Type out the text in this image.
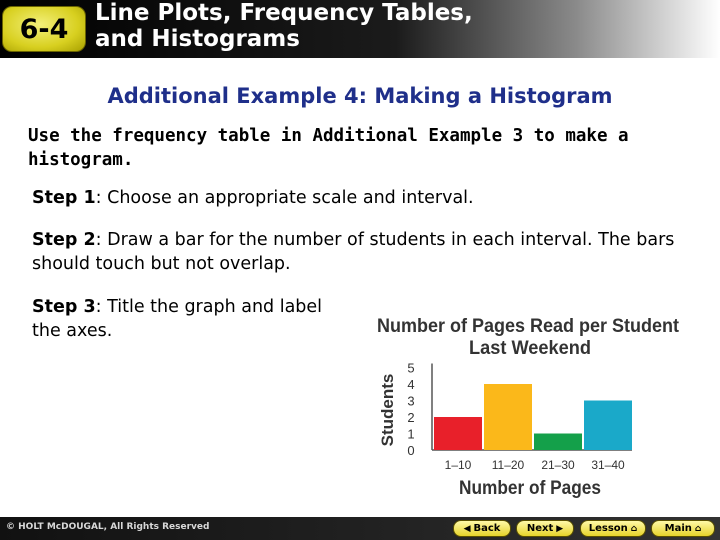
6-4
Line Plots, Frequency Tables,
and Histograms
Additional Example 4: Making a Histogram
Use the frequency table in Additional Example 3 to make a histogram.
Step 1: Choose an appropriate scale and interval.
Step 2: Draw a bar for the number of students in each interval. The bars should touch but not overlap.
Step 3: Title the graph and label the axes.	Number of Pages Read per Student
Last Weekend
0
1
2
3
4
5
Students
1–10 11–20 21–30 31–40
Number of Pages
© HOLT McDOUGAL, All Rights Reserved	◀ Back	Next ▶	Lesson ⌂	Main ⌂
